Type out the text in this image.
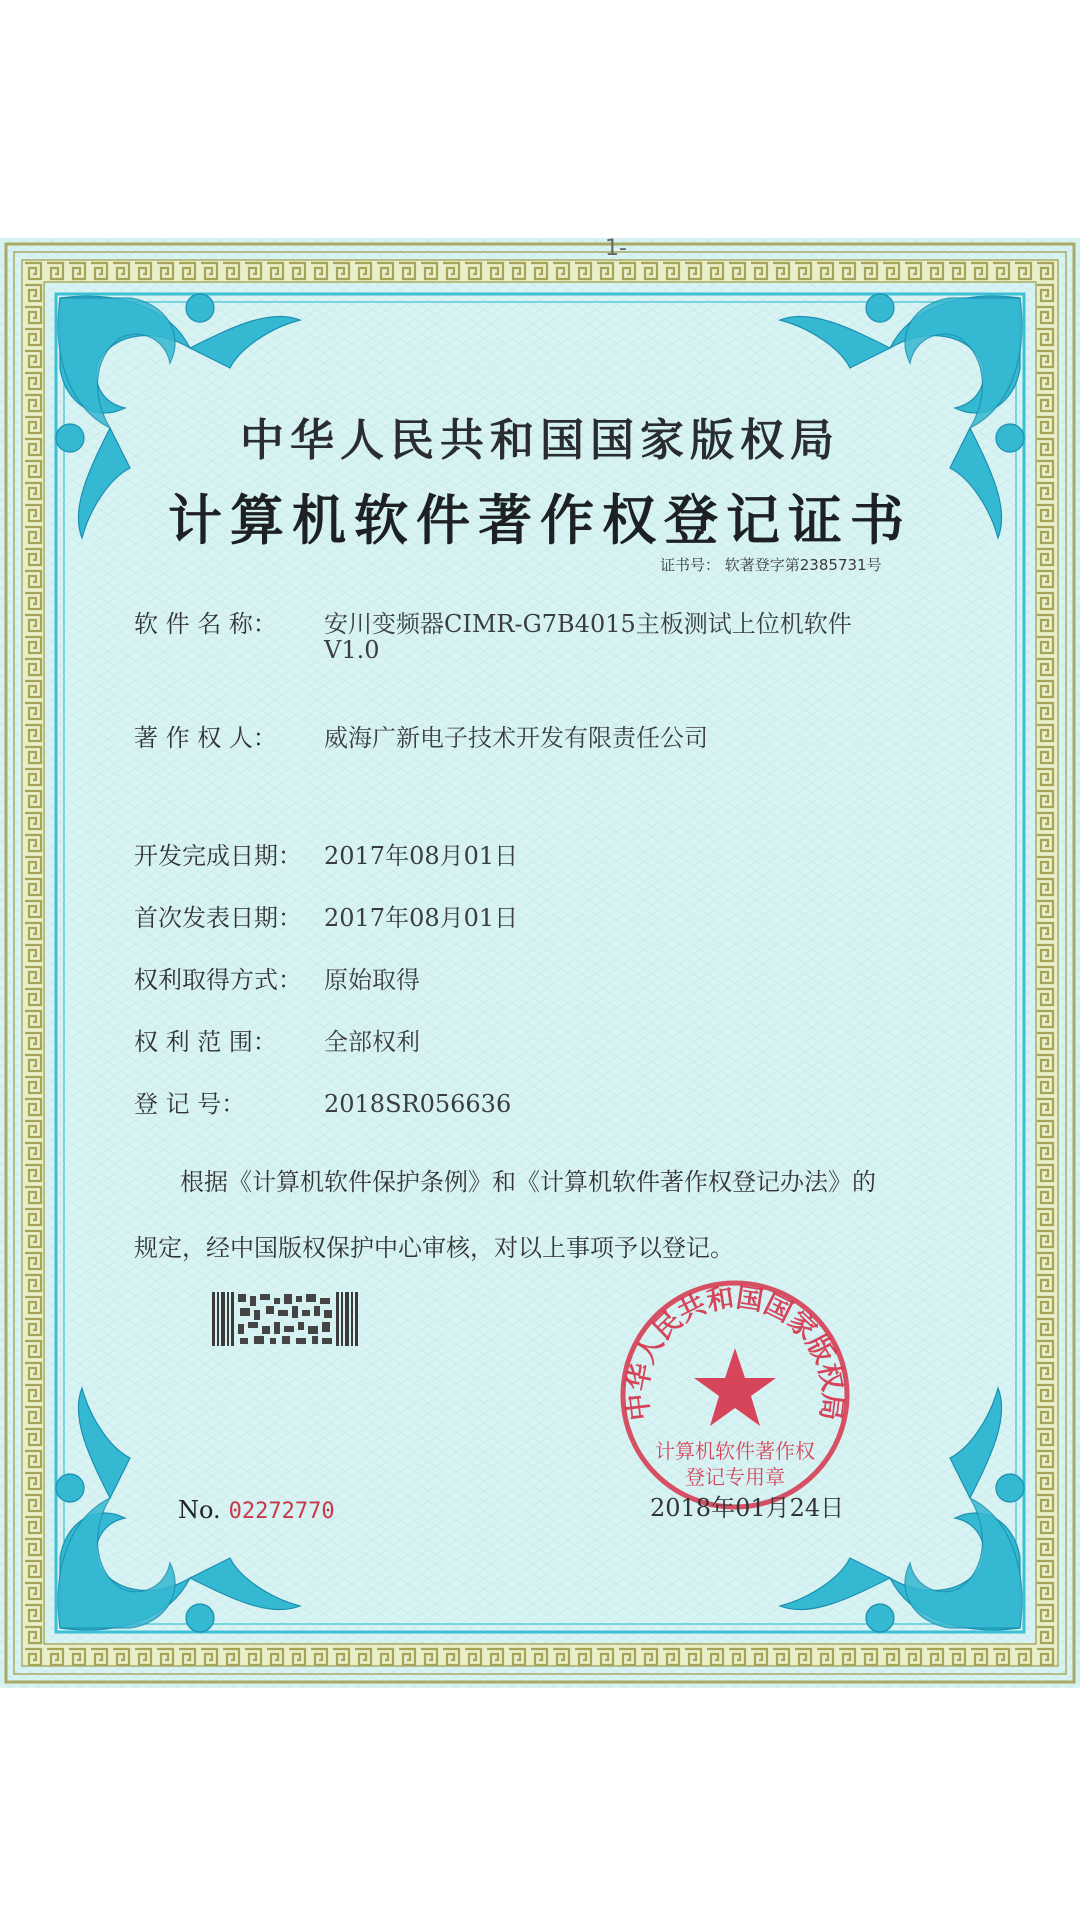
1-
中华人民共和国国家版权局
计算机软件著作权登记证书
证书号： 软著登字第2385731号
软 件 名 称： 安川变频器CIMR-G7B4015主板测试上位机软件
V1.0
著 作 权 人： 威海广新电子技术开发有限责任公司
开发完成日期： 2017年08月01日
首次发表日期： 2017年08月01日
权利取得方式： 原始取得
权 利 范 围： 全部权利
登 记 号：	2018SR056636
根据《计算机软件保护条例》和《计算机软件著作权登记办法》的
规定，经中国版权保护中心审核，对以上事项予以登记。
No. 02272770
中华人民共和国国家版权局
计算机软件著作权
登记专用章
2018年01月24日
